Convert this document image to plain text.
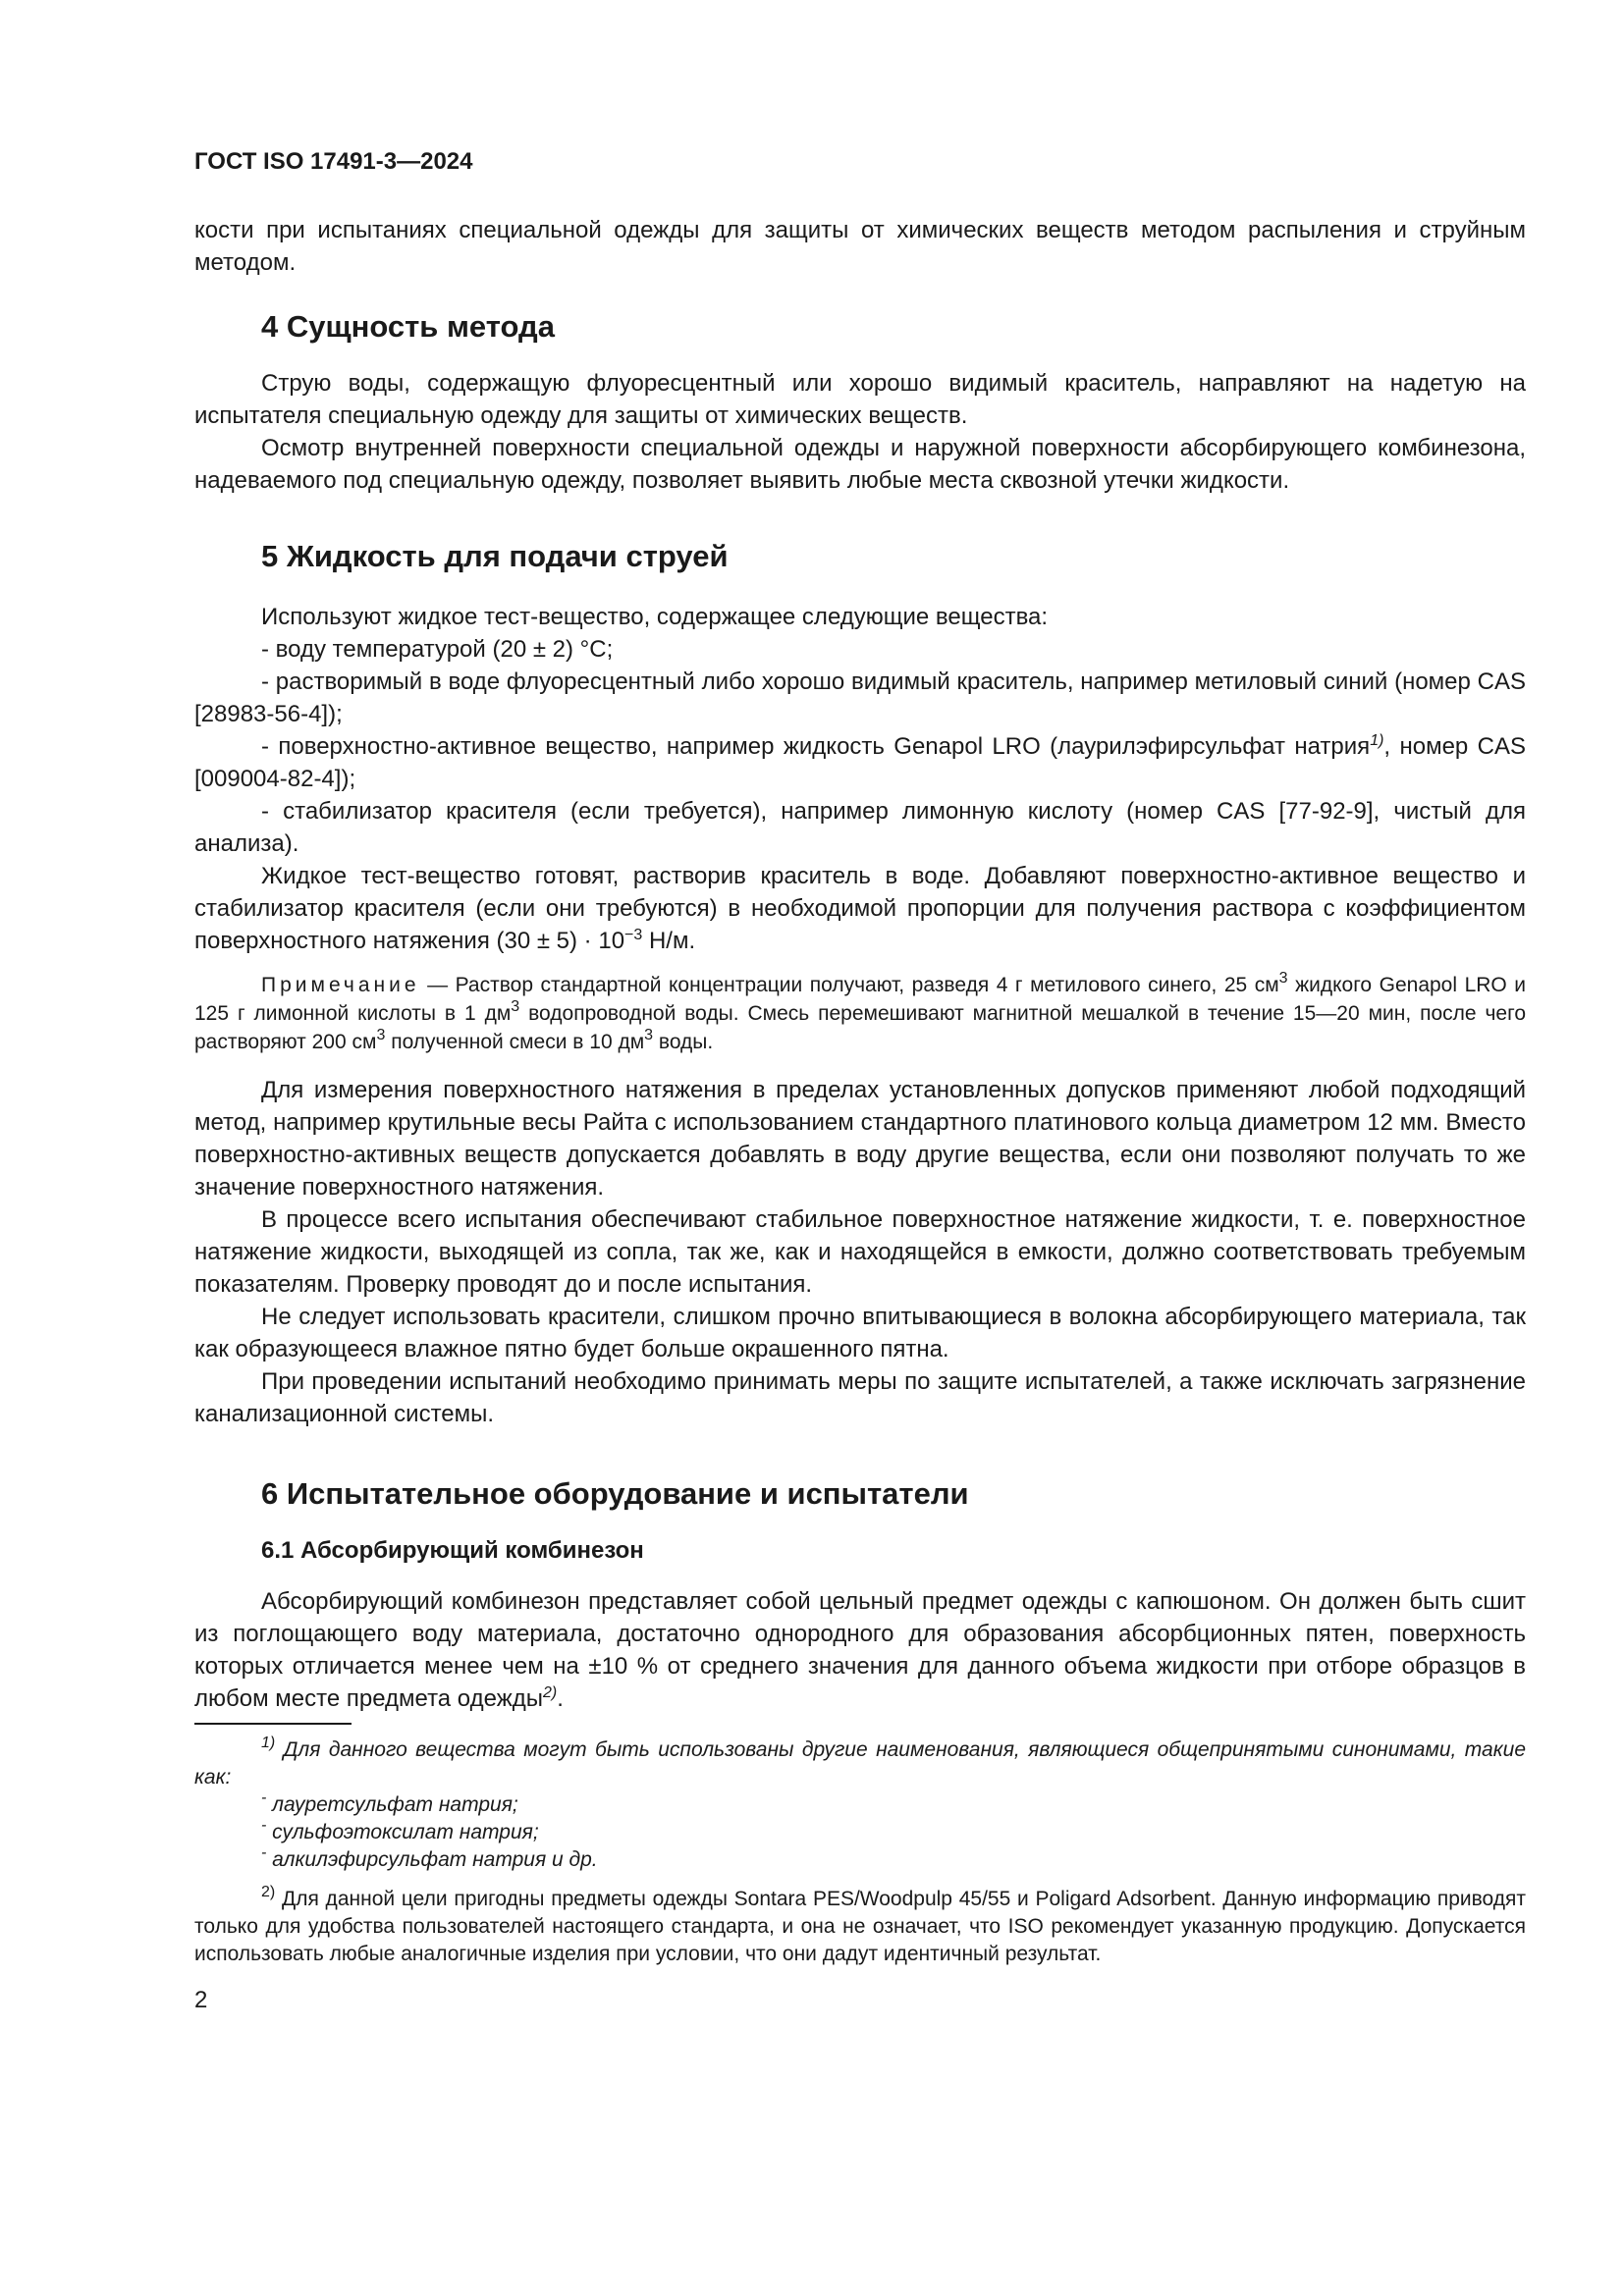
ГОСТ ISO 17491-3—2024

кости при испытаниях специальной одежды для защиты от химических веществ методом распыления и струйным методом.

4 Сущность метода

Струю воды, содержащую флуоресцентный или хорошо видимый краситель, направляют на надетую на испытателя специальную одежду для защиты от химических веществ.

Осмотр внутренней поверхности специальной одежды и наружной поверхности абсорбирующего комбинезона, надеваемого под специальную одежду, позволяет выявить любые места сквозной утечки жидкости.

5 Жидкость для подачи струей

Используют жидкое тест-вещество, содержащее следующие вещества:

- воду температурой (20 ± 2) °С;

- растворимый в воде флуоресцентный либо хорошо видимый краситель, например метиловый синий (номер CAS [28983-56-4]);

- поверхностно-активное вещество, например жидкость Genapol LRO (лаурилэфирсульфат натрия$^{1)}$, номер CAS [009004-82-4]);

- стабилизатор красителя (если требуется), например лимонную кислоту (номер CAS [77-92-9], чистый для анализа).

Жидкое тест-вещество готовят, растворив краситель в воде. Добавляют поверхностно-активное вещество и стабилизатор красителя (если они требуются) в необходимой пропорции для получения раствора с коэффициентом поверхностного натяжения $(30 \pm 5) \cdot 10^{-3}$ Н/м.

Примечание — Раствор стандартной концентрации получают, разведя 4 г метилового синего, 25 $см^3$ жидкого Genapol LRO и 125 г лимонной кислоты в 1 $дм^3$ водопроводной воды. Смесь перемешивают магнитной мешалкой в течение 15—20 мин, после чего растворяют 200 $см^3$ полученной смеси в 10 $дм^3$ воды.

Для измерения поверхностного натяжения в пределах установленных допусков применяют любой подходящий метод, например крутильные весы Райта с использованием стандартного платинового кольца диаметром 12 мм. Вместо поверхностно-активных веществ допускается добавлять в воду другие вещества, если они позволяют получать то же значение поверхностного натяжения.

В процессе всего испытания обеспечивают стабильное поверхностное натяжение жидкости, т. е. поверхностное натяжение жидкости, выходящей из сопла, так же, как и находящейся в емкости, должно соответствовать требуемым показателям. Проверку проводят до и после испытания.

Не следует использовать красители, слишком прочно впитывающиеся в волокна абсорбирующего материала, так как образующееся влажное пятно будет больше окрашенного пятна.

При проведении испытаний необходимо принимать меры по защите испытателей, а также исключать загрязнение канализационной системы.

6 Испытательное оборудование и испытатели
6.1 Абсорбирующий комбинезон

Абсорбирующий комбинезон представляет собой цельный предмет одежды с капюшоном. Он должен быть сшит из поглощающего воду материала, достаточно однородного для образования абсорбционных пятен, поверхность которых отличается менее чем на ±10 % от среднего значения для данного объема жидкости при отборе образцов в любом месте предмета одежды$^{2)}$.

$^{1)}$ Для данного вещества могут быть использованы другие наименования, являющиеся общепринятыми синонимами, такие как:

- лауретсульфат натрия;
- сульфоэтоксилат натрия;
- алкилэфирсульфат натрия и др.

$^{2)}$ Для данной цели пригодны предметы одежды Sontara PES/Woodpulp 45/55 и Poligard Adsorbent. Данную информацию приводят только для удобства пользователей настоящего стандарта, и она не означает, что ISO рекомендует указанную продукцию. Допускается использовать любые аналогичные изделия при условии, что они дадут идентичный результат.

2
